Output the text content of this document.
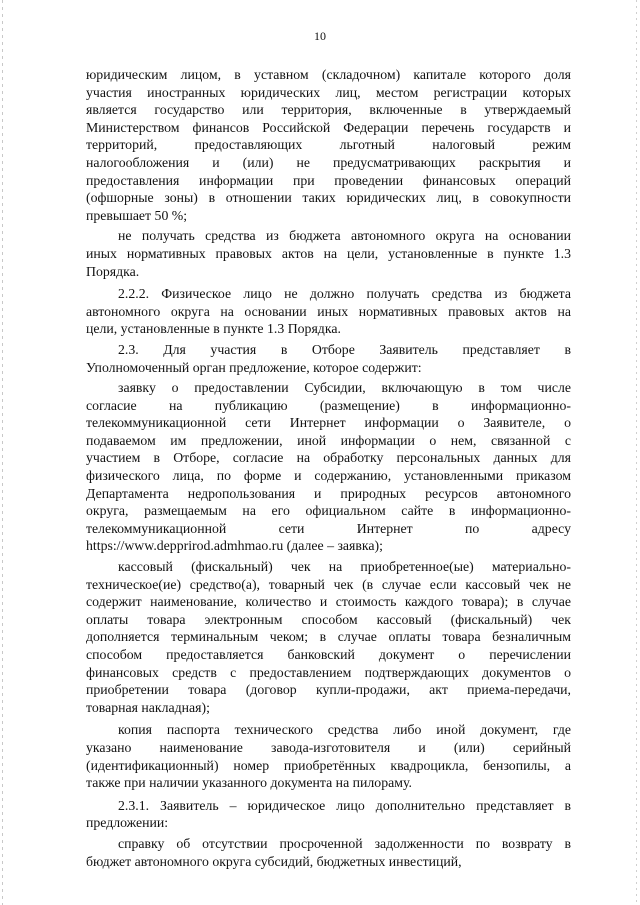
10

юридическим лицом, в уставном (складочном) капитале которого доля
участия иностранных юридических лиц, местом регистрации которых
является государство или территория, включенные в утверждаемый
Министерством финансов Российской Федерации перечень государств и
территорий, предоставляющих льготный налоговый режим
налогообложения и (или) не предусматривающих раскрытия и
предоставления информации при проведении финансовых операций
(офшорные зоны) в отношении таких юридических лиц, в совокупности
превышает 50 %;

не получать средства из бюджета автономного округа на основании
иных нормативных правовых актов на цели, установленные в пункте 1.3
Порядка.

2.2.2. Физическое лицо не должно получать средства из бюджета
автономного округа на основании иных нормативных правовых актов на
цели, установленные в пункте 1.3 Порядка.

2.3. Для участия в Отборе Заявитель представляет в
Уполномоченный орган предложение, которое содержит:

заявку о предоставлении Субсидии, включающую в том числе
согласие на публикацию (размещение) в информационно-
телекоммуникационной сети Интернет информации о Заявителе, о
подаваемом им предложении, иной информации о нем, связанной с
участием в Отборе, согласие на обработку персональных данных для
физического лица, по форме и содержанию, установленными приказом
Департамента недропользования и природных ресурсов автономного
округа, размещаемым на его официальном сайте в информационно-
телекоммуникационной сети Интернет по адресу
https://www.depprirod.admhmao.ru (далее – заявка);

кассовый (фискальный) чек на приобретенное(ые) материально-
техническое(ие) средство(а), товарный чек (в случае если кассовый чек не
содержит наименование, количество и стоимость каждого товара); в случае
оплаты товара электронным способом кассовый (фискальный) чек
дополняется терминальным чеком; в случае оплаты товара безналичным
способом предоставляется банковский документ о перечислении
финансовых средств с предоставлением подтверждающих документов о
приобретении товара (договор купли-продажи, акт приема-передачи,
товарная накладная);

копия паспорта технического средства либо иной документ, где
указано наименование завода-изготовителя и (или) серийный
(идентификационный) номер приобретённых квадроцикла, бензопилы, а
также при наличии указанного документа на пилораму.

2.3.1. Заявитель – юридическое лицо дополнительно представляет в
предложении:

справку об отсутствии просроченной задолженности по возврату в
бюджет автономного округа субсидий, бюджетных инвестиций,
